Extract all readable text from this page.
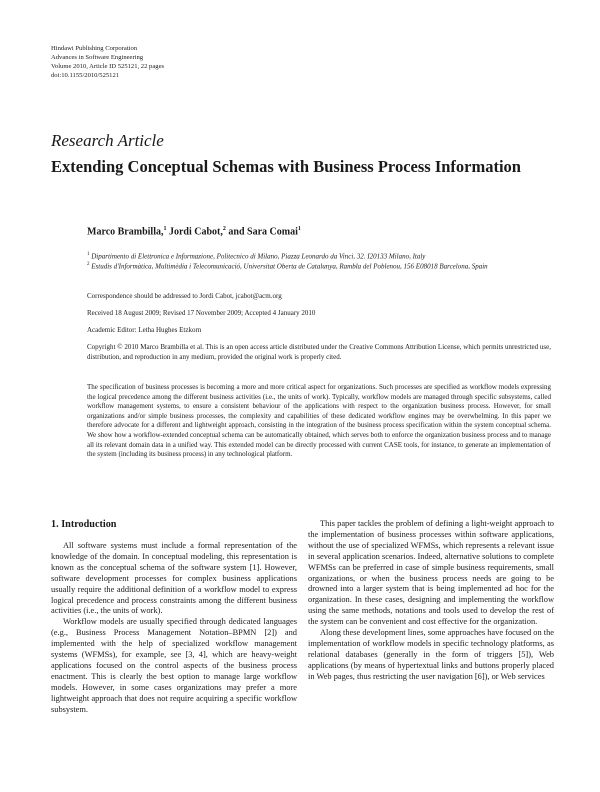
Hindawi Publishing Corporation
Advances in Software Engineering
Volume 2010, Article ID 525121, 22 pages
doi:10.1155/2010/525121
Research Article
Extending Conceptual Schemas with Business Process Information
Marco Brambilla,$^1$ Jordi Cabot,$^2$ and Sara Comai$^1$
$^1$ Dipartimento di Elettronica e Informazione, Politecnico di Milano, Piazza Leonardo da Vinci, 32. I20133 Milano, Italy
$^2$ Estudis d'Informàtica, Multimèdia i Telecomunicació, Universitat Oberta de Catalunya, Rambla del Poblenou, 156 E08018 Barcelona, Spain
Correspondence should be addressed to Jordi Cabot, jcabot@acm.org
Received 18 August 2009; Revised 17 November 2009; Accepted 4 January 2010
Academic Editor: Letha Hughes Etzkorn
Copyright © 2010 Marco Brambilla et al. This is an open access article distributed under the Creative Commons Attribution License, which permits unrestricted use, distribution, and reproduction in any medium, provided the original work is properly cited.
The specification of business processes is becoming a more and more critical aspect for organizations. Such processes are specified as workflow models expressing the logical precedence among the different business activities (i.e., the units of work). Typically, workflow models are managed through specific subsystems, called workflow management systems, to ensure a consistent behaviour of the applications with respect to the organization business process. However, for small organizations and/or simple business processes, the complexity and capabilities of these dedicated workflow engines may be overwhelming. In this paper we therefore advocate for a different and lightweight approach, consisting in the integration of the business process specification within the system conceptual schema. We show how a workflow-extended conceptual schema can be automatically obtained, which serves both to enforce the organization business process and to manage all its relevant domain data in a unified way. This extended model can be directly processed with current CASE tools, for instance, to generate an implementation of the system (including its business process) in any technological platform.
1. Introduction

All software systems must include a formal representation of the knowledge of the domain. In conceptual modeling, this representation is known as the conceptual schema of the software system [1]. However, software development processes for complex business applications usually require the additional definition of a workflow model to express logical precedence and process constraints among the different business activities (i.e., the units of work).

Workflow models are usually specified through dedicated languages (e.g., Business Process Management Notation–BPMN [2]) and implemented with the help of specialized workflow management systems (WFMSs), for example, see [3, 4], which are heavy-weight applications focused on the control aspects of the business process enactment. This is clearly the best option to manage large workflow models. However, in some cases organizations may prefer a more lightweight approach that does not require acquiring a specific workflow subsystem.

This paper tackles the problem of defining a light-weight approach to the implementation of business processes within software applications, without the use of specialized WFMSs, which represents a relevant issue in several application scenarios. Indeed, alternative solutions to complete WFMSs can be preferred in case of simple business requirements, small organizations, or when the business process needs are going to be drowned into a larger system that is being implemented ad hoc for the organization. In these cases, designing and implementing the workflow using the same methods, notations and tools used to develop the rest of the system can be convenient and cost effective for the organization.

Along these development lines, some approaches have focused on the implementation of workflow models in specific technology platforms, as relational databases (generally in the form of triggers [5]), Web applications (by means of hypertextual links and buttons properly placed in Web pages, thus restricting the user navigation [6]), or Web services
